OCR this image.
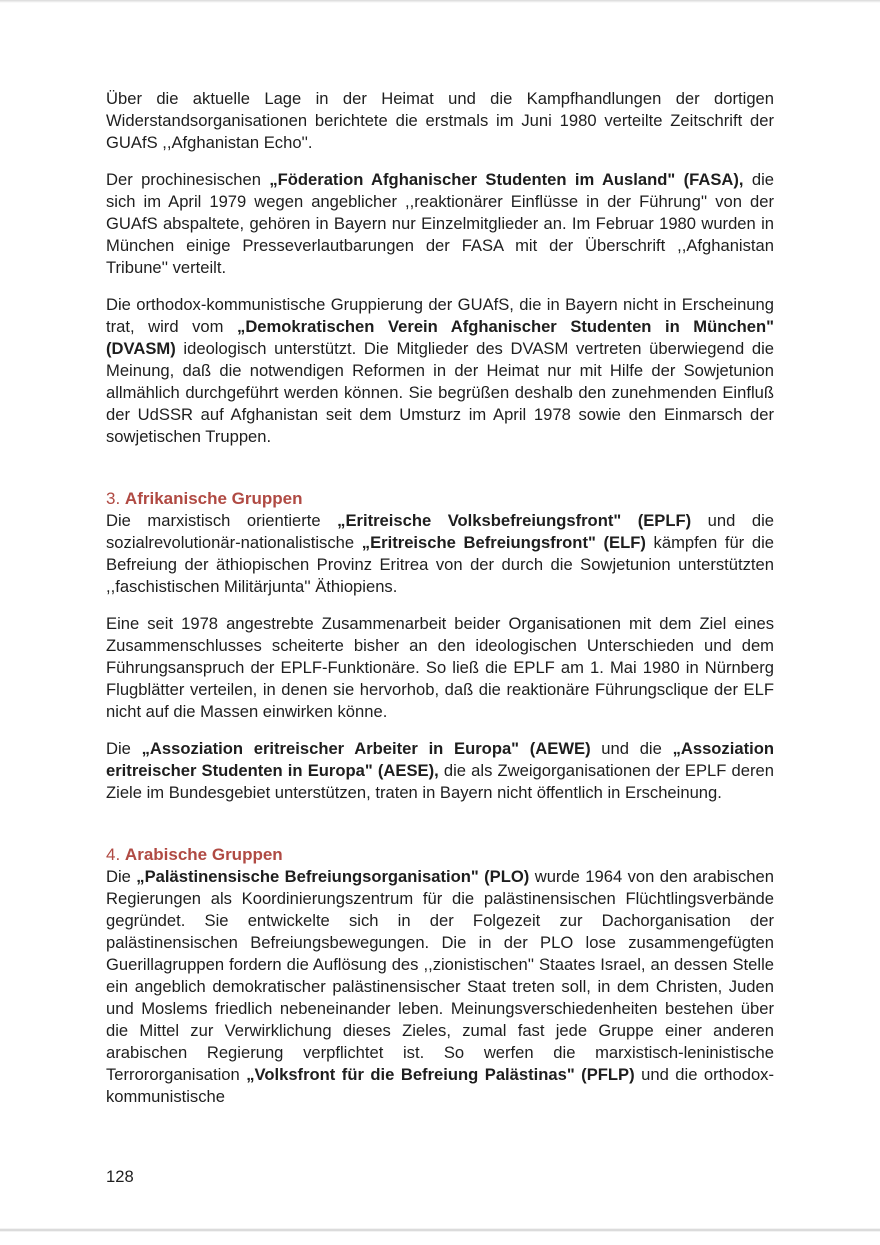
Über die aktuelle Lage in der Heimat und die Kampfhandlungen der dortigen Widerstandsorganisationen berichtete die erstmals im Juni 1980 verteilte Zeitschrift der GUAfS ,,Afghanistan Echo''.

Der prochinesischen „Föderation Afghanischer Studenten im Ausland" (FASA), die sich im April 1979 wegen angeblicher ,,reaktionärer Einflüsse in der Führung'' von der GUAfS abspaltete, gehören in Bayern nur Einzelmitglieder an. Im Februar 1980 wurden in München einige Presseverlautbarungen der FASA mit der Überschrift ,,Afghanistan Tribune'' verteilt.

Die orthodox-kommunistische Gruppierung der GUAfS, die in Bayern nicht in Erscheinung trat, wird vom „Demokratischen Verein Afghanischer Studenten in München" (DVASM) ideologisch unterstützt. Die Mitglieder des DVASM vertreten überwiegend die Meinung, daß die notwendigen Reformen in der Heimat nur mit Hilfe der Sowjetunion allmählich durchgeführt werden können. Sie begrüßen deshalb den zunehmenden Einfluß der UdSSR auf Afghanistan seit dem Umsturz im April 1978 sowie den Einmarsch der sowjetischen Truppen.

3. Afrikanische Gruppen

Die marxistisch orientierte „Eritreische Volksbefreiungsfront" (EPLF) und die sozialrevolutionär-nationalistische „Eritreische Befreiungsfront" (ELF) kämpfen für die Befreiung der äthiopischen Provinz Eritrea von der durch die Sowjetunion unterstützten ,,faschistischen Militärjunta'' Äthiopiens.

Eine seit 1978 angestrebte Zusammenarbeit beider Organisationen mit dem Ziel eines Zusammenschlusses scheiterte bisher an den ideologischen Unterschieden und dem Führungsanspruch der EPLF-Funktionäre. So ließ die EPLF am 1. Mai 1980 in Nürnberg Flugblätter verteilen, in denen sie hervorhob, daß die reaktionäre Führungsclique der ELF nicht auf die Massen einwirken könne.

Die „Assoziation eritreischer Arbeiter in Europa" (AEWE) und die „Assoziation eritreischer Studenten in Europa" (AESE), die als Zweigorganisationen der EPLF deren Ziele im Bundesgebiet unterstützen, traten in Bayern nicht öffentlich in Erscheinung.

4. Arabische Gruppen

Die „Palästinensische Befreiungsorganisation" (PLO) wurde 1964 von den arabischen Regierungen als Koordinierungszentrum für die palästinensischen Flüchtlingsverbände gegründet. Sie entwickelte sich in der Folgezeit zur Dachorganisation der palästinensischen Befreiungsbewegungen. Die in der PLO lose zusammengefügten Guerillagruppen fordern die Auflösung des ,,zionistischen'' Staates Israel, an dessen Stelle ein angeblich demokratischer palästinensischer Staat treten soll, in dem Christen, Juden und Moslems friedlich nebeneinander leben. Meinungsverschiedenheiten bestehen über die Mittel zur Verwirklichung dieses Zieles, zumal fast jede Gruppe einer anderen arabischen Regierung verpflichtet ist. So werfen die marxistisch-leninistische Terrororganisation „Volksfront für die Befreiung Palästinas" (PFLP) und die orthodox-kommunistische

128
